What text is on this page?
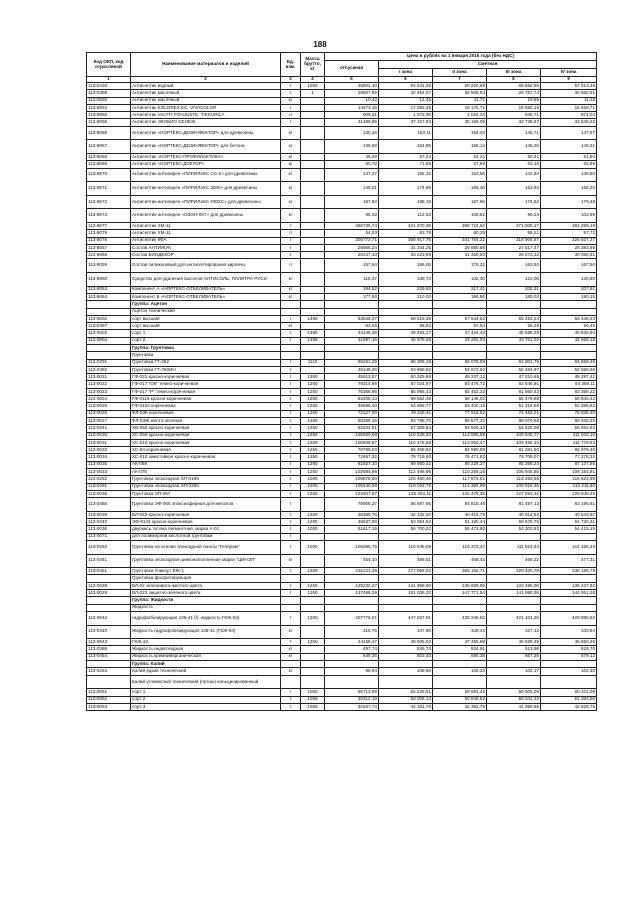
188
Код ОКП, код отраслевой	Наименование материалов и изделий	Ед. изм.	Масса брутто, кг	Цена в рублях на 1 января 2016 года (без НДС)				
				отпускная	Сметная			
					I зона	II зона	III зона	IV зона
1	2	3	4	5	6	7	8	9
113-0430	Антисептик водный	т	1050	35801,40	64 641,35	60 220,69	65 552,85	57 513,48
113-0398	Антисептик масляный	т	1	28507,89	32 454,07	32 508,54	29 767,74	30 662,91
113-0590	Антисептик масляный	кг		10,42	12,45	11,71	10,86	11,18
113-8054	Антисептик KOLOREX EC, VIVACOLOR	т		14473,18	17 083,25	16 175,71	15 092,15	15 469,71
113-8055	Антисептик VALTTI POHJUSTE, TIKKURILA	л		909,31	1 073,30	1 016,34	945,71	971,04
113-8056	Антисептик ЭКОБИО СЕНЕЖ	т		31480,85	37 157,93	35 186,05	32 738,67	33 648,22
113-8066	Антисептик «НОРТЕКС-ДЕЗИНФЕКТОР» для древесины	кг		130,18	153,11	154,43	145,71	147,67
113-8067	Антисептик «НОРТЕКС-ДЕЗИНФЕКТОР» для бетона	кг		139,68	164,85	156,14	145,26	149,31
113-8068	Антисептик «НОРТЕКС-ПРОФИЛАКТИКА»	кг		48,49	57,24	54,21	50,41	51,94
113-8069	Антисептик «НОРТЕКС-ДОКТОР»	кг		60,72	71,65	67,89	63,16	64,89
113-8070	Антисептик-антипирен «ПИРИЛАКС СС-2» для древесины	кг		137,37	162,15	153,56	142,84	146,80
113-8071	Антисептик-антипирен «ПИРИЛАКС 3000» для древесины	кг		148,01	174,69	165,40	153,94	158,20
113-8072	Антисептик-антипирен «ПИРИЛАКС-ЛЮКС» для древесины	кг		167,93	198,19	187,66	174,62	179,48
113-8073	Антисептик-антипирен «ОЗОН-007» для древесины	кг		95,42	112,63	106,62	99,24	101,99
113-8077	Антисептик ХМ-11	т		356735,74	421 070,39	398 724,62	371 005,17	381 288,19
113-8079	Антисептик ХМ-11	л		54,03	63,79	60,39	56,21	57,72
113-8076	Антисептик КФА	т		305773,71	360 917,75	341 764,22	318 004,67	326 827,27
113-8057	Состав АНТИЖУК	т		26655,24	31 344,25	29 680,88	27 617,47	28 383,69
113-8058	Состав БИОДЕКОР	т		28147,43	33 223,99	31 460,50	29 273,32	30 085,51
113-8059	Состав силиконовый для антисептирования кирпича	л		157,64	186,06	176,22	163,93	167,50
113-8060	Средство для удаления высолов АНТИСОЛЬ, ПАЛИТРА РУСИ	кг		118,37	139,73	132,30	123,08	126,50
113-8063	Компонент А «НОРТЕКС-ОТБЕЛИВАТЕЛЬ»	кг		194,52	229,63	217,41	202,31	207,91
113-8064	Компонент Б «НОРТЕКС-ОТБЕЛИВАТЕЛЬ»	кг		177,93	210,03	198,90	185,03	190,15
	Группа: Ацетон							
	Ацетон технический							
113-0002	сорт высший	т	1490	53548,27	58 616,36	57 544,52	55 293,24	56 446,24
113-0397	сорт высший	кг		53,55	58,62	57,54	55,29	56,45
113-0003	сорт 1	т	1490	44145,38	49 493,27	47 444,43	45 588,29	46 536,94
113-0004	сорт 2	т	1490	41997,16	46 079,28	44 202,03	43 761,02	44 668,18
	Группа: Грунтовка							
	Грунтовка							
113-0791	Грунтовка ГТ-252	т	1110	59261,29	66 305,19	65 078,59	64 001,76	64 660,46
113-0392	Грунтовка ГТ-760ИН	т		46146,26	53 668,92	52 673,52	52 484,97	52 686,59
113-0021	ГФ-021 красно-коричневая	т	1260	45613,57	50 325,58	49 237,12	47 310,65	48 297,42
113-0022	ГФ-017 "ОК" темно-коричневая	т	1260	79314,69	87 024,97	83 478,72	82 646,91	84 359,11
113-0023	ГФ-017 "Р" темно-коричневая	т	1260	76368,96	85 986,43	82 453,33	81 660,43	83 358,22
113-0024	ГФ-0119 красно-коричневая	т	1260	63409,13	69 652,46	68 146,02	65 479,98	66 845,42
113-0025	ГФ-0163 коричневая	т	1260	49696,43	54 568,77	53 400,15	51 318,69	52 386,82
113-0026	ФЛ-03К коричневая	т	1260	72127,00	79 229,41	77 515,62	74 483,21	76 036,40
113-0027	ФЛ-03Ж желто-зеленая	т	1260	85489,15	93 798,70	89 577,32	89 079,68	90 926,25
113-0341	ХВ-050 красно-коричневая	т	1260	52232,91	57 309,84	54 925,14	54 426,08	55 554,63
113-0030	ХС-059 красно-коричневая	т	1250	105680,68	116 528,20	114 005,98	109 545,77	111 833,10
113-0031	ХС-010 красно-коричневая	т	1250	106030,87	116 472,56	113 953,47	109 495,34	111 778,63
113-0032	ХС-04 коричневая	т	1250	78799,03	86 469,92	84 590,89	81 281,50	82 978,45
113-0034	ХС-010 химстойкая красно-коричневая	т	1250	72657,32	79 719,60	76 471,83	75 709,07	77 278,32
113-0035	АК-069	т	1260	81927,10	89 950,41	88 228,27	85 358,24	87 137,86
113-0033	АК-070	т	1260	102594,96	112 496,96	110 259,16	105 945,55	108 154,81
113-0282	Грунтовка эпоксидная ЭП-0199	т	1000	109678,00	120 480,46	117 874,51	113 263,65	115 624,95
113-0281	Грунтовка эпоксидная ЭП-0280	т	1200	105440,68	118 023,78	114 394,88	109 918,45	112 211,60
113-0036	Грунтовка ЭП-057	т	1260	123407,87	135 403,11	132 478,35	127 293,32	129 949,45
113-3465	Грунтовка ЭФ-065 эпоксиэфирная для металла	т		79008,37	86 687,95	84 815,48	81 497,13	83 195,61
113-0039	ВЛ-023 красно-коричневая	т	1260	38389,76	42 132,20	40 415,79	40 012,53	40 843,97
113-0340	ЭФ-0142 красно-коричневая	т	1260	48637,00	53 364,52	51 190,44	50 679,75	51 730,31
113-0036	двуокись титана пигментная, марка А-01	т	1000	51617,15	56 700,22	55 473,80	53 303,83	54 415,15
113-0671	для полимерной кислотной грунтовки	т						
113-0283	Грунтовка на основе эпоксидной смолы "Гелпрам"	т	1000	106285,75	116 949,08	116 373,47	111 823,44	114 155,33
113-0441	Грунтовка эпоксидная цинконаполненная марки "ЦИНЭП"	кг		454,10	496,51	468,43	468,22	477,31
113-0461	Грунтовка Уникоут ЕЖ-1	т	1250	316123,39	377 958,03	355 152,71	329 400,78	338 188,79
	Грунтовка фосфатирующая							
113-0028	ВЛ-02 зеленовато-желтого цвета	т	1260	129232,27	141 959,00	138 689,65	133 495,00	136 237,92
113-0029	ВЛ-023 защитно-зеленого цвета	т	1260	137498,39	151 036,23	147 771,54	141 990,36	144 951,26
	Группа: Жидкости							
	Жидкость							
113-0042	гидрофобизирующая 136-41 (б. жидкость ГКЖ-94)	т	1260	407776,01	447 937,91	438 245,62	421 104,26	429 885,52
113-0410	Жидкость гидрофобизирующая 136-41 (ГКЖ-94)	кг		316,76	347,96	340,44	327,12	333,94
113-0043	ГКЖ-10	т	1260	44158,47	48 505,02	47 455,98	45 599,39	46 550,25
113-0386	Жидкость индигогидная	кг		497,74	546,74	534,91	513,98	524,70
113-0454	Жидкость кремнийорганическая	кг		549,36	603,43	590,38	567,28	579,12
	Группа: Калий							
113-0284	Калий едкий технический	кг		98,94	108,68	106,33	102,17	104,30
	Калий углекислый технический (поташ) кальцинированный							
113-0051	сорт 1	т	1050	56713,99	62 228,61	59 694,45	59 005,09	60 321,09
113-0052	сорт 2	т	1050	48312,19	53 008,13	50 848,62	50 341,32	51 384,56
113-0053	сорт 3	т	1050	40267,73	44 181,76	42 381,79	41 958,95	42 828,75
